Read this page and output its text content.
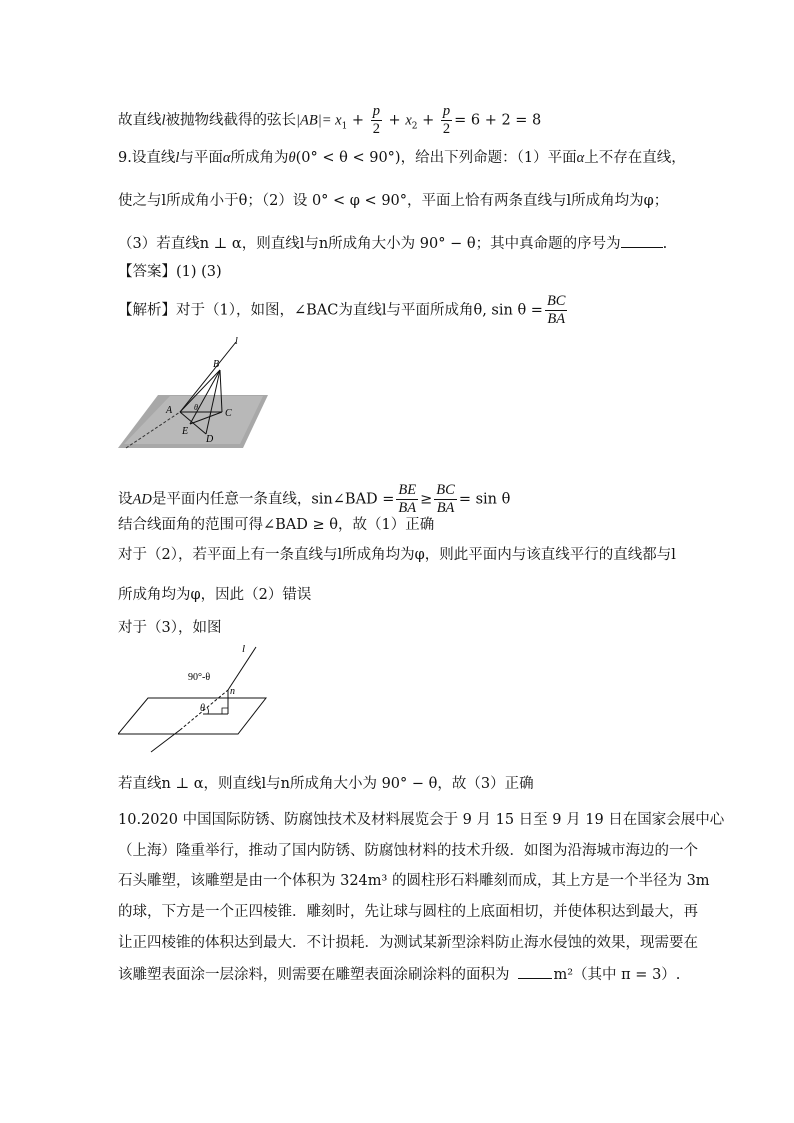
故直线l被抛物线截得的弦长$|AB|= x_1 + \frac{p}{2} + x_2 + \frac{p}{2} = 6 + 2 = 8$
9.设直线l与平面α所成角为θ(0° < θ < 90°)，给出下列命题：（1）平面α上不存在直线，
使之与l所成角小于θ；（2）设 0° < φ < 90°，平面上恰有两条直线与l所成角均为φ；
（3）若直线n ⊥ α，则直线l与n所成角大小为 90° − θ；其中真命题的序号为	.
【答案】(1) (3)
【解析】对于（1），如图，∠BAC为直线l与平面所成角θ, $\sin \theta = \frac{BC}{BA}$
B
l
A	C
E
D
θ
设AD是平面内任意一条直线，sin∠BAD = $\frac{BE}{BA} \ge \frac{BC}{BA} = \sin \theta$
结合线面角的范围可得∠BAD ≥ θ，故（1）正确
对于（2），若平面上有一条直线与l所成角均为φ，则此平面内与该直线平行的直线都与l
所成角均为φ，因此（2）错误
对于（3），如图
l
90°-θ
n
θ
若直线n ⊥ α，则直线l与n所成角大小为 90° − θ，故（3）正确
10.2020 中国国际防锈、防腐蚀技术及材料展览会于 9 月 15 日至 9 月 19 日在国家会展中心
（上海）隆重举行，推动了国内防锈、防腐蚀材料的技术升级．如图为沿海城市海边的一个
石头雕塑，该雕塑是由一个体积为 324m³ 的圆柱形石料雕刻而成，其上方是一个半径为 3m
的球，下方是一个正四棱锥．雕刻时，先让球与圆柱的上底面相切，并使体积达到最大，再
让正四棱锥的体积达到最大．不计损耗．为测试某新型涂料防止海水侵蚀的效果，现需要在
该雕塑表面涂一层涂料，则需要在雕塑表面涂刷涂料的面积为	m²（其中 π = 3）.
